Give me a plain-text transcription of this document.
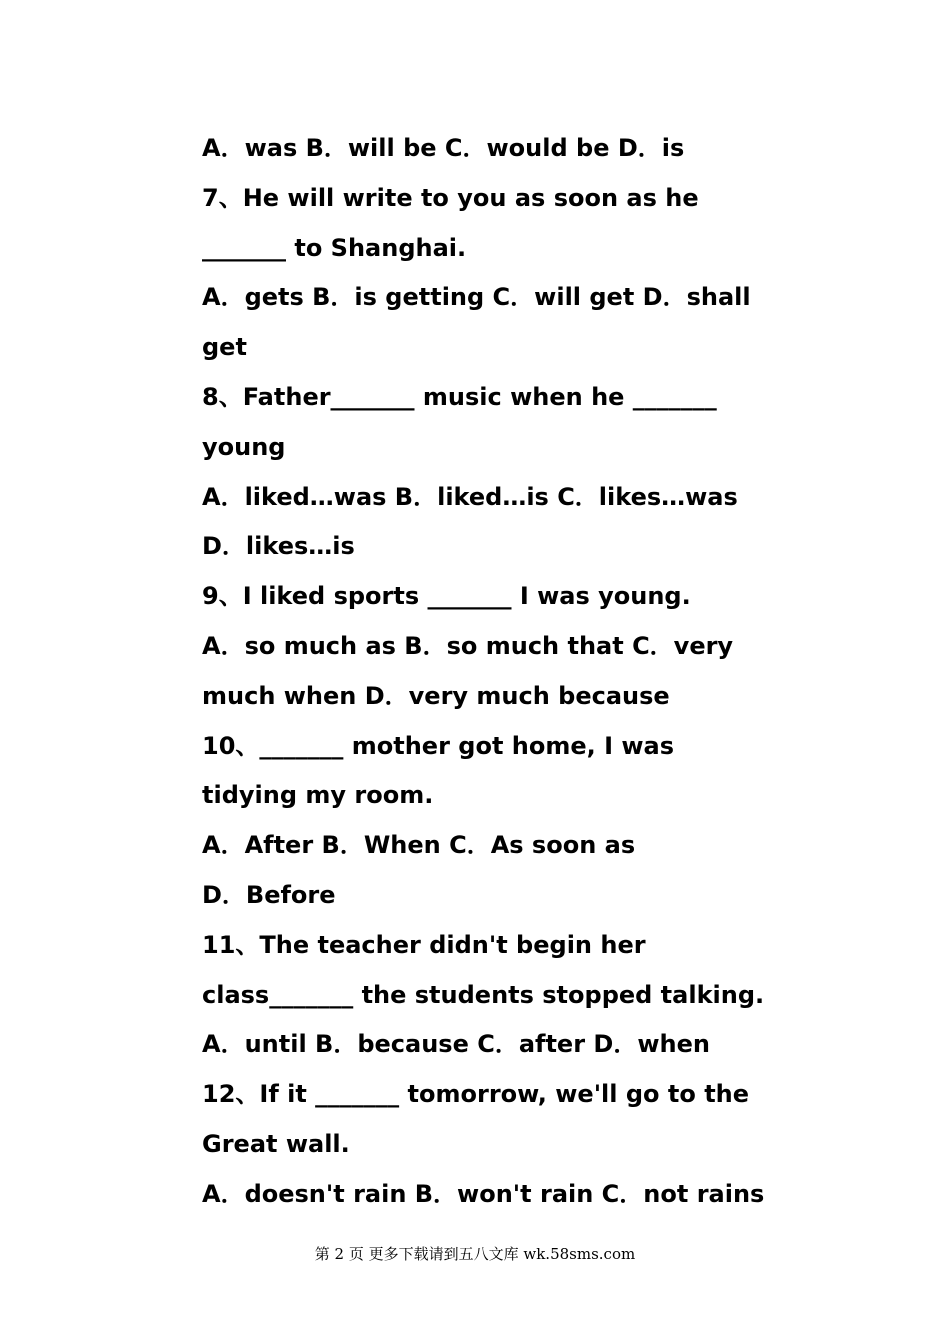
A．was B．will be C．would be D．is
7、He will write to you as soon as he
_______ to Shanghai.
A．gets B．is getting C．will get D．shall
get
8、Father_______ music when he _______
young
A．liked…was B．liked…is C．likes…was
D．likes…is
9、I liked sports _______ I was young.
A．so much as B．so much that C．very
much when D．very much because
10、_______ mother got home, I was
tidying my room.
A．After B．When C．As soon as
D．Before
11、The teacher didn't begin her
class_______ the students stopped talking.
A．until B．because C．after D．when
12、If it _______ tomorrow, we'll go to the
Great wall.
A．doesn't rain B．won't rain C．not rains
第 2 页 更多下载请到五八文库 wk.58sms.com
